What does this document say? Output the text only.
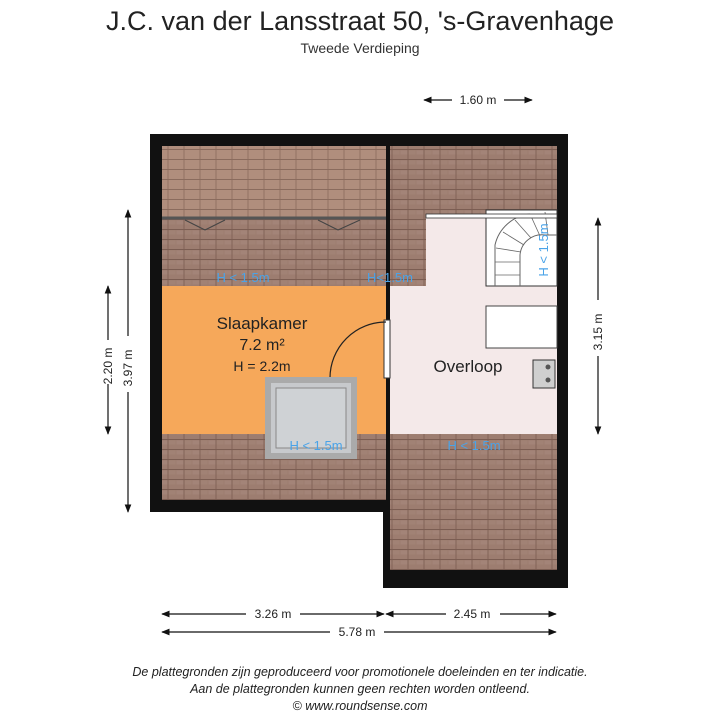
J.C. van der Lansstraat 50, 's-Gravenhage
Tweede Verdieping
Slaapkamer
7.2 m²
H = 2.2m	Overloop
H < 1.5m	H<1.5m
H < 1.5m
H < 1.5m	H < 1.5m
1.60 m
2.20 m 3.97 m
3.15 m
3.26 m	2.45 m
5.78 m
De plattegronden zijn geproduceerd voor promotionele doeleinden en ter indicatie.
Aan de plattegronden kunnen geen rechten worden ontleend.
© www.roundsense.com
